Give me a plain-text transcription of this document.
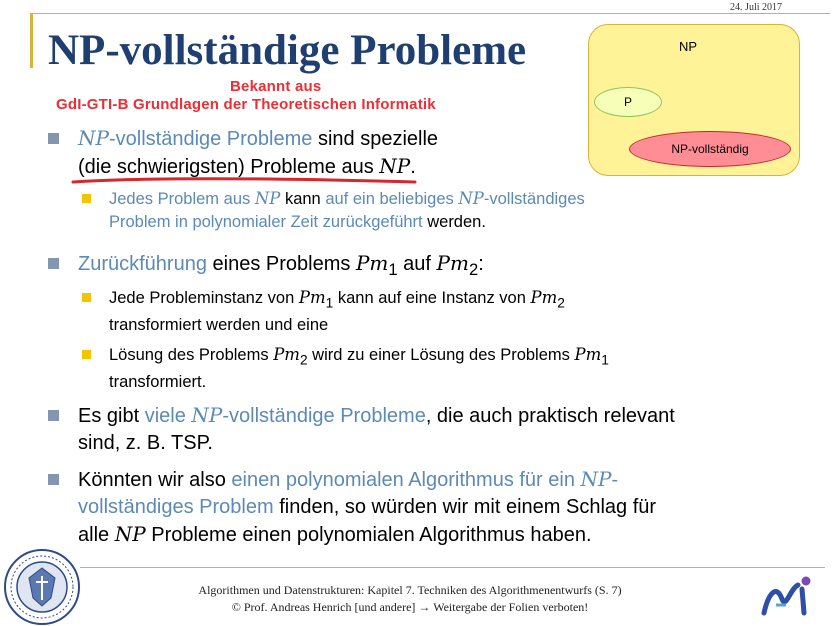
24. Juli 2017
NP-vollständige Probleme
Bekannt aus
GdI-GTI-B Grundlagen der Theoretischen Informatik
NP
P
NP-vollständig
NP-vollständige Probleme sind spezielle
(die schwierigsten) Probleme aus NP.
Jedes Problem aus NP kann auf ein beliebiges NP-vollständiges
Problem in polynomialer Zeit zurückgeführt werden.
Zurückführung eines Problems $Pm_1$ auf $Pm_2$:
Jede Probleminstanz von $Pm_1$ kann auf eine Instanz von $Pm_2$
transformiert werden und eine
Lösung des Problems $Pm_2$ wird zu einer Lösung des Problems $Pm_1$
transformiert.
Es gibt viele NP-vollständige Probleme, die auch praktisch relevant
sind, z. B. TSP.
Könnten wir also einen polynomialen Algorithmus für ein NP-
vollständiges Problem finden, so würden wir mit einem Schlag für
alle NP Probleme einen polynomialen Algorithmus haben.
Algorithmen und Datenstrukturen: Kapitel 7. Techniken des Algorithmenentwurfs (S. 7)
© Prof. Andreas Henrich [und andere] → Weitergabe der Folien verboten!
